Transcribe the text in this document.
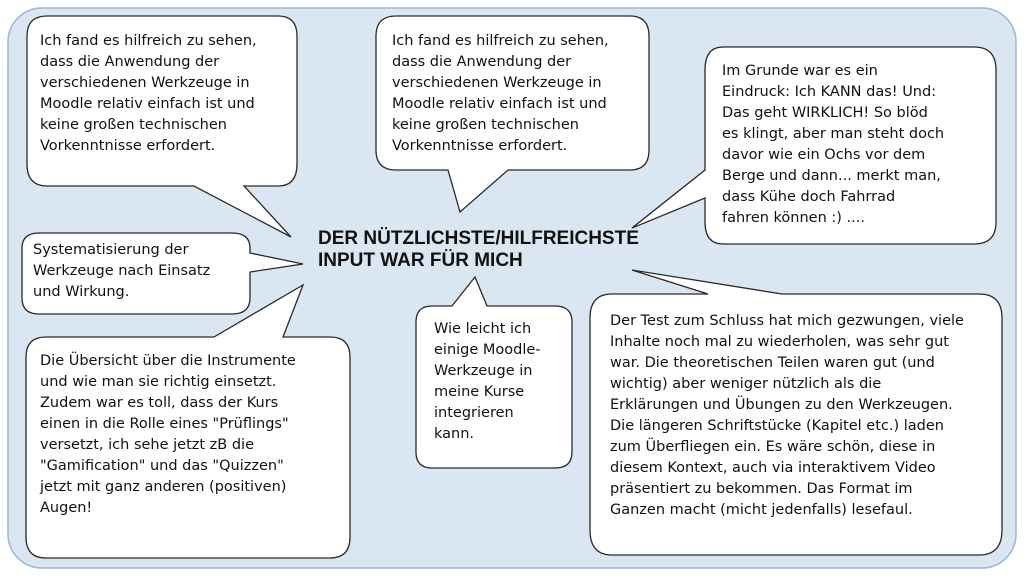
DER NÜTZLICHSTE/HILFREICHSTE
INPUT WAR FÜR MICH
Ich fand es hilfreich zu sehen,
dass die Anwendung der
verschiedenen Werkzeuge in
Moodle relativ einfach ist und
keine großen technischen
Vorkenntnisse erfordert.
Ich fand es hilfreich zu sehen,
dass die Anwendung der
verschiedenen Werkzeuge in
Moodle relativ einfach ist und
keine großen technischen
Vorkenntnisse erfordert.
Im Grunde war es ein
Eindruck: Ich KANN das! Und:
Das geht WIRKLICH! So blöd
es klingt, aber man steht doch
davor wie ein Ochs vor dem
Berge und dann... merkt man,
dass Kühe doch Fahrrad
fahren können :) ....
Systematisierung der
Werkzeuge nach Einsatz
und Wirkung.
Die Übersicht über die Instrumente
und wie man sie richtig einsetzt.
Zudem war es toll, dass der Kurs
einen in die Rolle eines "Prüflings"
versetzt, ich sehe jetzt zB die
"Gamification" und das "Quizzen"
jetzt mit ganz anderen (positiven)
Augen!
Wie leicht ich
einige Moodle-
Werkzeuge in
meine Kurse
integrieren
kann.
Der Test zum Schluss hat mich gezwungen, viele
Inhalte noch mal zu wiederholen, was sehr gut
war. Die theoretischen Teilen waren gut (und
wichtig) aber weniger nützlich als die
Erklärungen und Übungen zu den Werkzeugen.
Die längeren Schriftstücke (Kapitel etc.) laden
zum Überfliegen ein. Es wäre schön, diese in
diesem Kontext, auch via interaktivem Video
präsentiert zu bekommen. Das Format im
Ganzen macht (micht jedenfalls) lesefaul.
